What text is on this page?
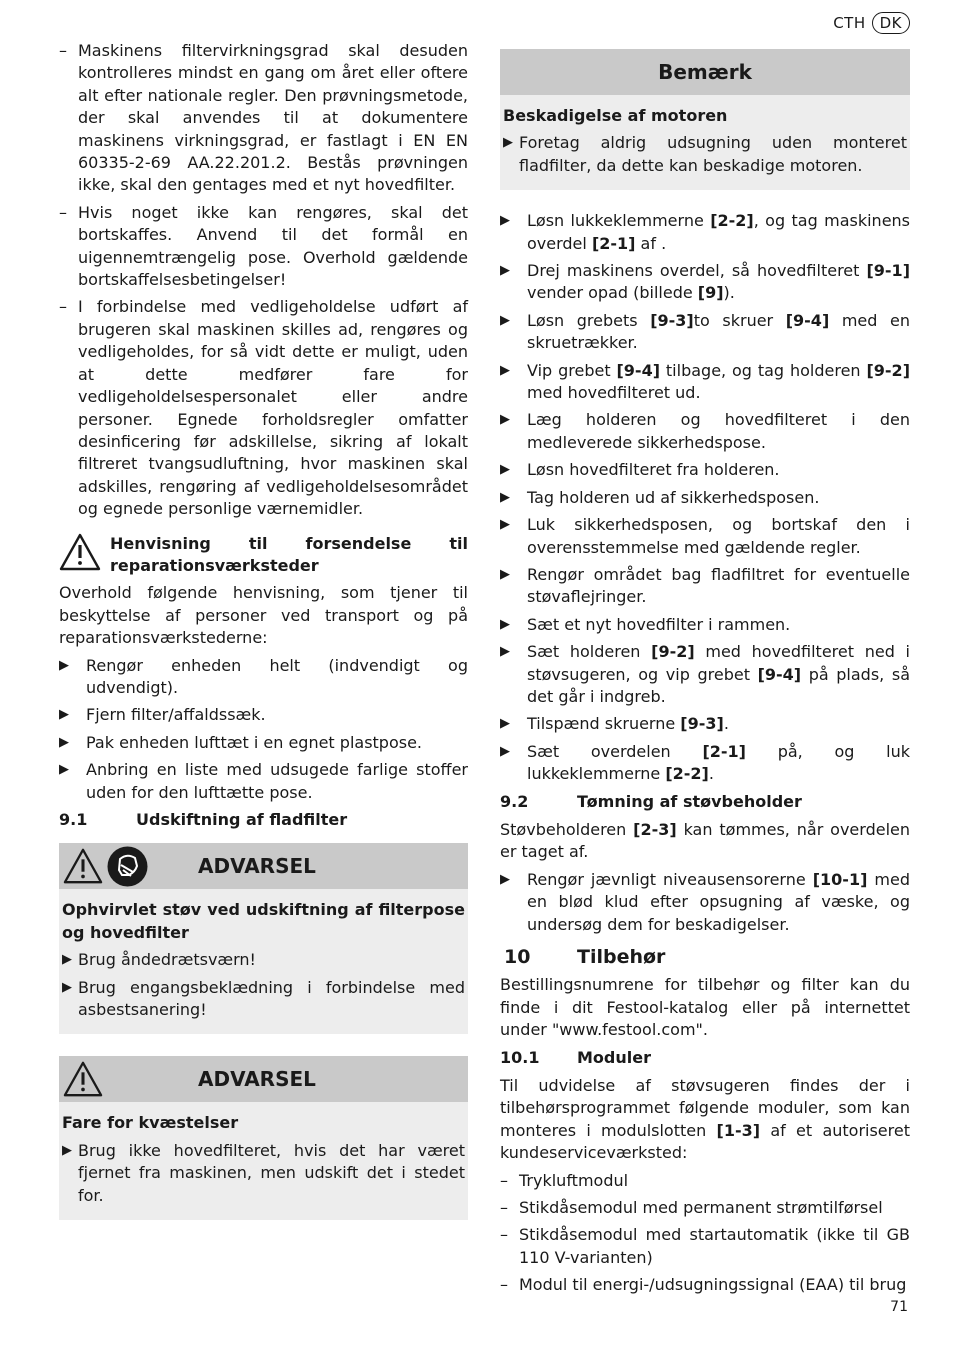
CTH DK
– Maskinens filtervirkningsgrad skal desuden kontrolleres mindst en gang om året eller oftere alt efter nationale regler. Den prøvningsmetode, der skal anvendes til at dokumentere maskinens virkningsgrad, er fastlagt i EN EN 60335-2-69 AA.22.201.2. Bestås prøvningen ikke, skal den gentages med et nyt hovedfilter.
– Hvis noget ikke kan rengøres, skal det bortskaffes. Anvend til det formål en uigennemtrængelig pose. Overhold gældende bortskaffelsesbetingelser!
– I forbindelse med vedligeholdelse udført af brugeren skal maskinen skilles ad, rengøres og vedligeholdes, for så vidt dette er muligt, uden at dette medfører fare for vedligeholdelsespersonalet eller andre personer. Egnede forholdsregler omfatter desinficering før adskillelse, sikring af lokalt filtreret tvangsudluftning, hvor maskinen skal adskilles, rengøring af vedligeholdelsesområdet og egnede personlige værnemidler.
Henvisning til forsendelse til reparationsværksteder

Overhold følgende henvisning, som tjener til beskyttelse af personer ved transport og på reparationsværkstederne:

▶	Rengør enheden helt (indvendigt og udvendigt).
▶	Fjern filter/affaldssæk.
▶	Pak enheden lufttæt i en egnet plastpose.
▶	Anbring en liste med udsugede farlige stoffer uden for den lufttætte pose.
9.1	Udskiftning af fladfilter
ADVARSEL

Ophvirvlet støv ved udskiftning af filterpose og hovedfilter

▶ Brug åndedrætsværn!
▶ Brug engangsbeklædning i forbindelse med asbestsanering!
ADVARSEL

Fare for kvæstelser

▶ Brug ikke hovedfilteret, hvis det har været fjernet fra maskinen, men udskift det i stedet for.
Bemærk

Beskadigelse af motoren

▶ Foretag aldrig udsugning uden monteret fladfilter, da dette kan beskadige motoren.
▶	Løsn lukkeklemmerne [2-2], og tag maskinens overdel [2-1] af .
▶	Drej maskinens overdel, så hovedfilteret [9-1] vender opad (billede [9]).
▶	Løsn grebets [9-3]to skruer [9-4] med en skruetrækker.
▶	Vip grebet [9-4] tilbage, og tag holderen [9-2] med hovedfilteret ud.
▶	Læg holderen og hovedfilteret i den medleverede sikkerhedspose.
▶	Løsn hovedfilteret fra holderen.
▶	Tag holderen ud af sikkerhedsposen.
▶	Luk sikkerhedsposen, og bortskaf den i overensstemmelse med gældende regler.
▶	Rengør området bag fladfiltret for eventuelle støvaflejringer.
▶	Sæt et nyt hovedfilter i rammen.
▶	Sæt holderen [9-2] med hovedfilteret ned i støvsugeren, og vip grebet [9-4] på plads, så det går i indgreb.
▶	Tilspænd skruerne [9-3].
▶	Sæt overdelen [2-1] på, og luk lukkeklemmerne [2-2].
9.2	Tømning af støvbeholder

Støvbeholderen [2-3] kan tømmes, når overdelen er taget af.

▶	Rengør jævnligt niveausensorerne [10-1] med en blød klud efter opsugning af væske, og undersøg dem for beskadigelser.
10	Tilbehør

Bestillingsnumrene for tilbehør og filter kan du finde i dit Festool-katalog eller på internettet under "www.festool.com".

10.1	Moduler

Til udvidelse af støvsugeren findes der i tilbehørsprogrammet følgende moduler, som kan monteres i modulslotten [1-3] af et autoriseret kundeserviceværksted:

– Trykluftmodul
– Stikdåsemodul med permanent strømtilførsel
– Stikdåsemodul med startautomatik (ikke til GB 110 V-varianten)
– Modul til energi-/udsugningssignal (EAA) til brug
71
